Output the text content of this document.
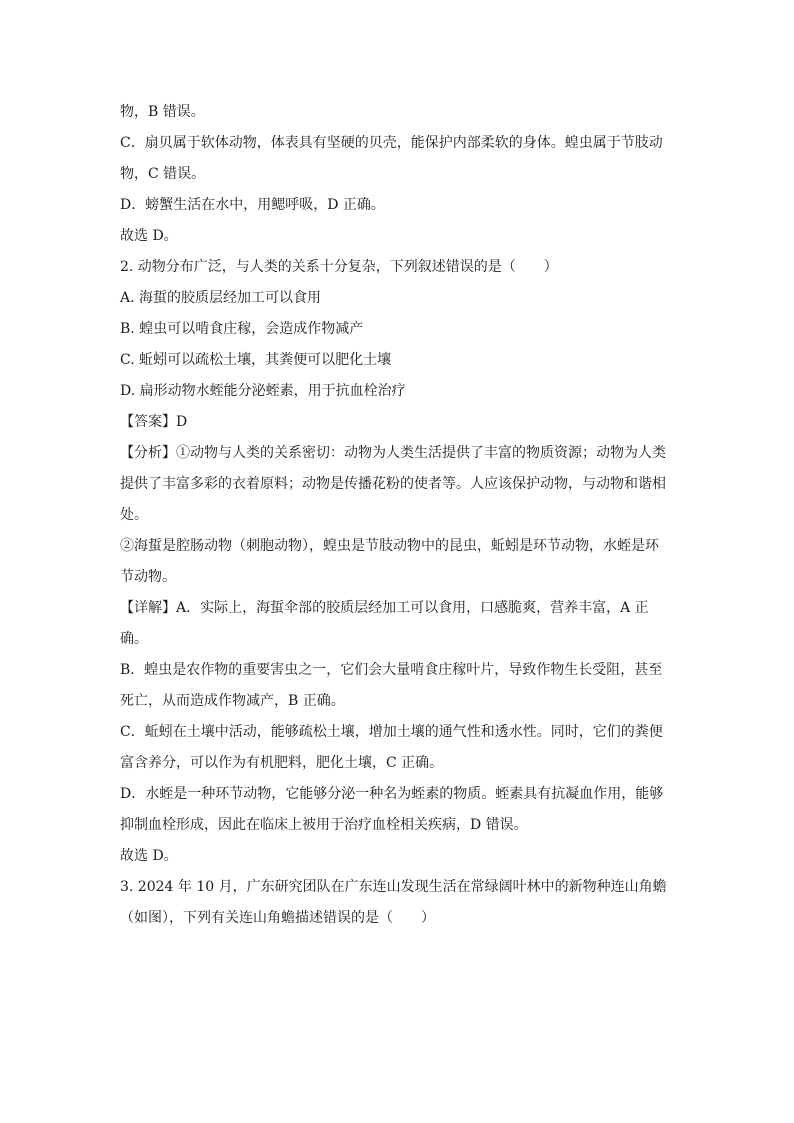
物，B 错误。
C．扇贝属于软体动物，体表具有坚硬的贝壳，能保护内部柔软的身体。蝗虫属于节肢动
物，C 错误。
D．螃蟹生活在水中，用鳃呼吸，D 正确。
故选 D。
2. 动物分布广泛，与人类的关系十分复杂，下列叙述错误的是（　　）
A. 海蜇的胶质层经加工可以食用
B. 蝗虫可以啃食庄稼，会造成作物减产
C. 蚯蚓可以疏松土壤，其粪便可以肥化土壤
D. 扁形动物水蛭能分泌蛭素，用于抗血栓治疗
【答案】D
【分析】①动物与人类的关系密切：动物为人类生活提供了丰富的物质资源；动物为人类
提供了丰富多彩的衣着原料；动物是传播花粉的使者等。人应该保护动物，与动物和谐相
处。
②海蜇是腔肠动物（刺胞动物），蝗虫是节肢动物中的昆虫，蚯蚓是环节动物，水蛭是环
节动物。
【详解】A．实际上，海蜇伞部的胶质层经加工可以食用，口感脆爽，营养丰富，A 正
确。
B．蝗虫是农作物的重要害虫之一，它们会大量啃食庄稼叶片，导致作物生长受阻，甚至
死亡，从而造成作物减产，B 正确。
C．蚯蚓在土壤中活动，能够疏松土壤，增加土壤的通气性和透水性。同时，它们的粪便
富含养分，可以作为有机肥料，肥化土壤，C 正确。
D．水蛭是一种环节动物，它能够分泌一种名为蛭素的物质。蛭素具有抗凝血作用，能够
抑制血栓形成，因此在临床上被用于治疗血栓相关疾病，D 错误。
故选 D。
3. 2024 年 10 月，广东研究团队在广东连山发现生活在常绿阔叶林中的新物种连山角蟾
（如图），下列有关连山角蟾描述错误的是（　　）
